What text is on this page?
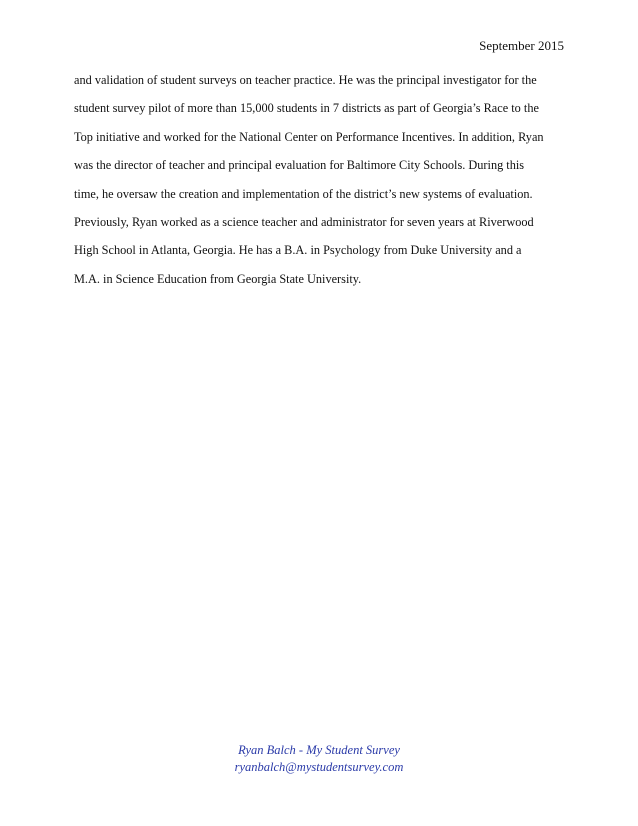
September 2015
and validation of student surveys on teacher practice. He was the principal investigator for the
student survey pilot of more than 15,000 students in 7 districts as part of Georgia’s Race to the
Top initiative and worked for the National Center on Performance Incentives. In addition, Ryan
was the director of teacher and principal evaluation for Baltimore City Schools. During this
time, he oversaw the creation and implementation of the district’s new systems of evaluation.
Previously, Ryan worked as a science teacher and administrator for seven years at Riverwood
High School in Atlanta, Georgia. He has a B.A. in Psychology from Duke University and a
M.A. in Science Education from Georgia State University.
Ryan Balch - My Student Survey
ryanbalch@mystudentsurvey.com
